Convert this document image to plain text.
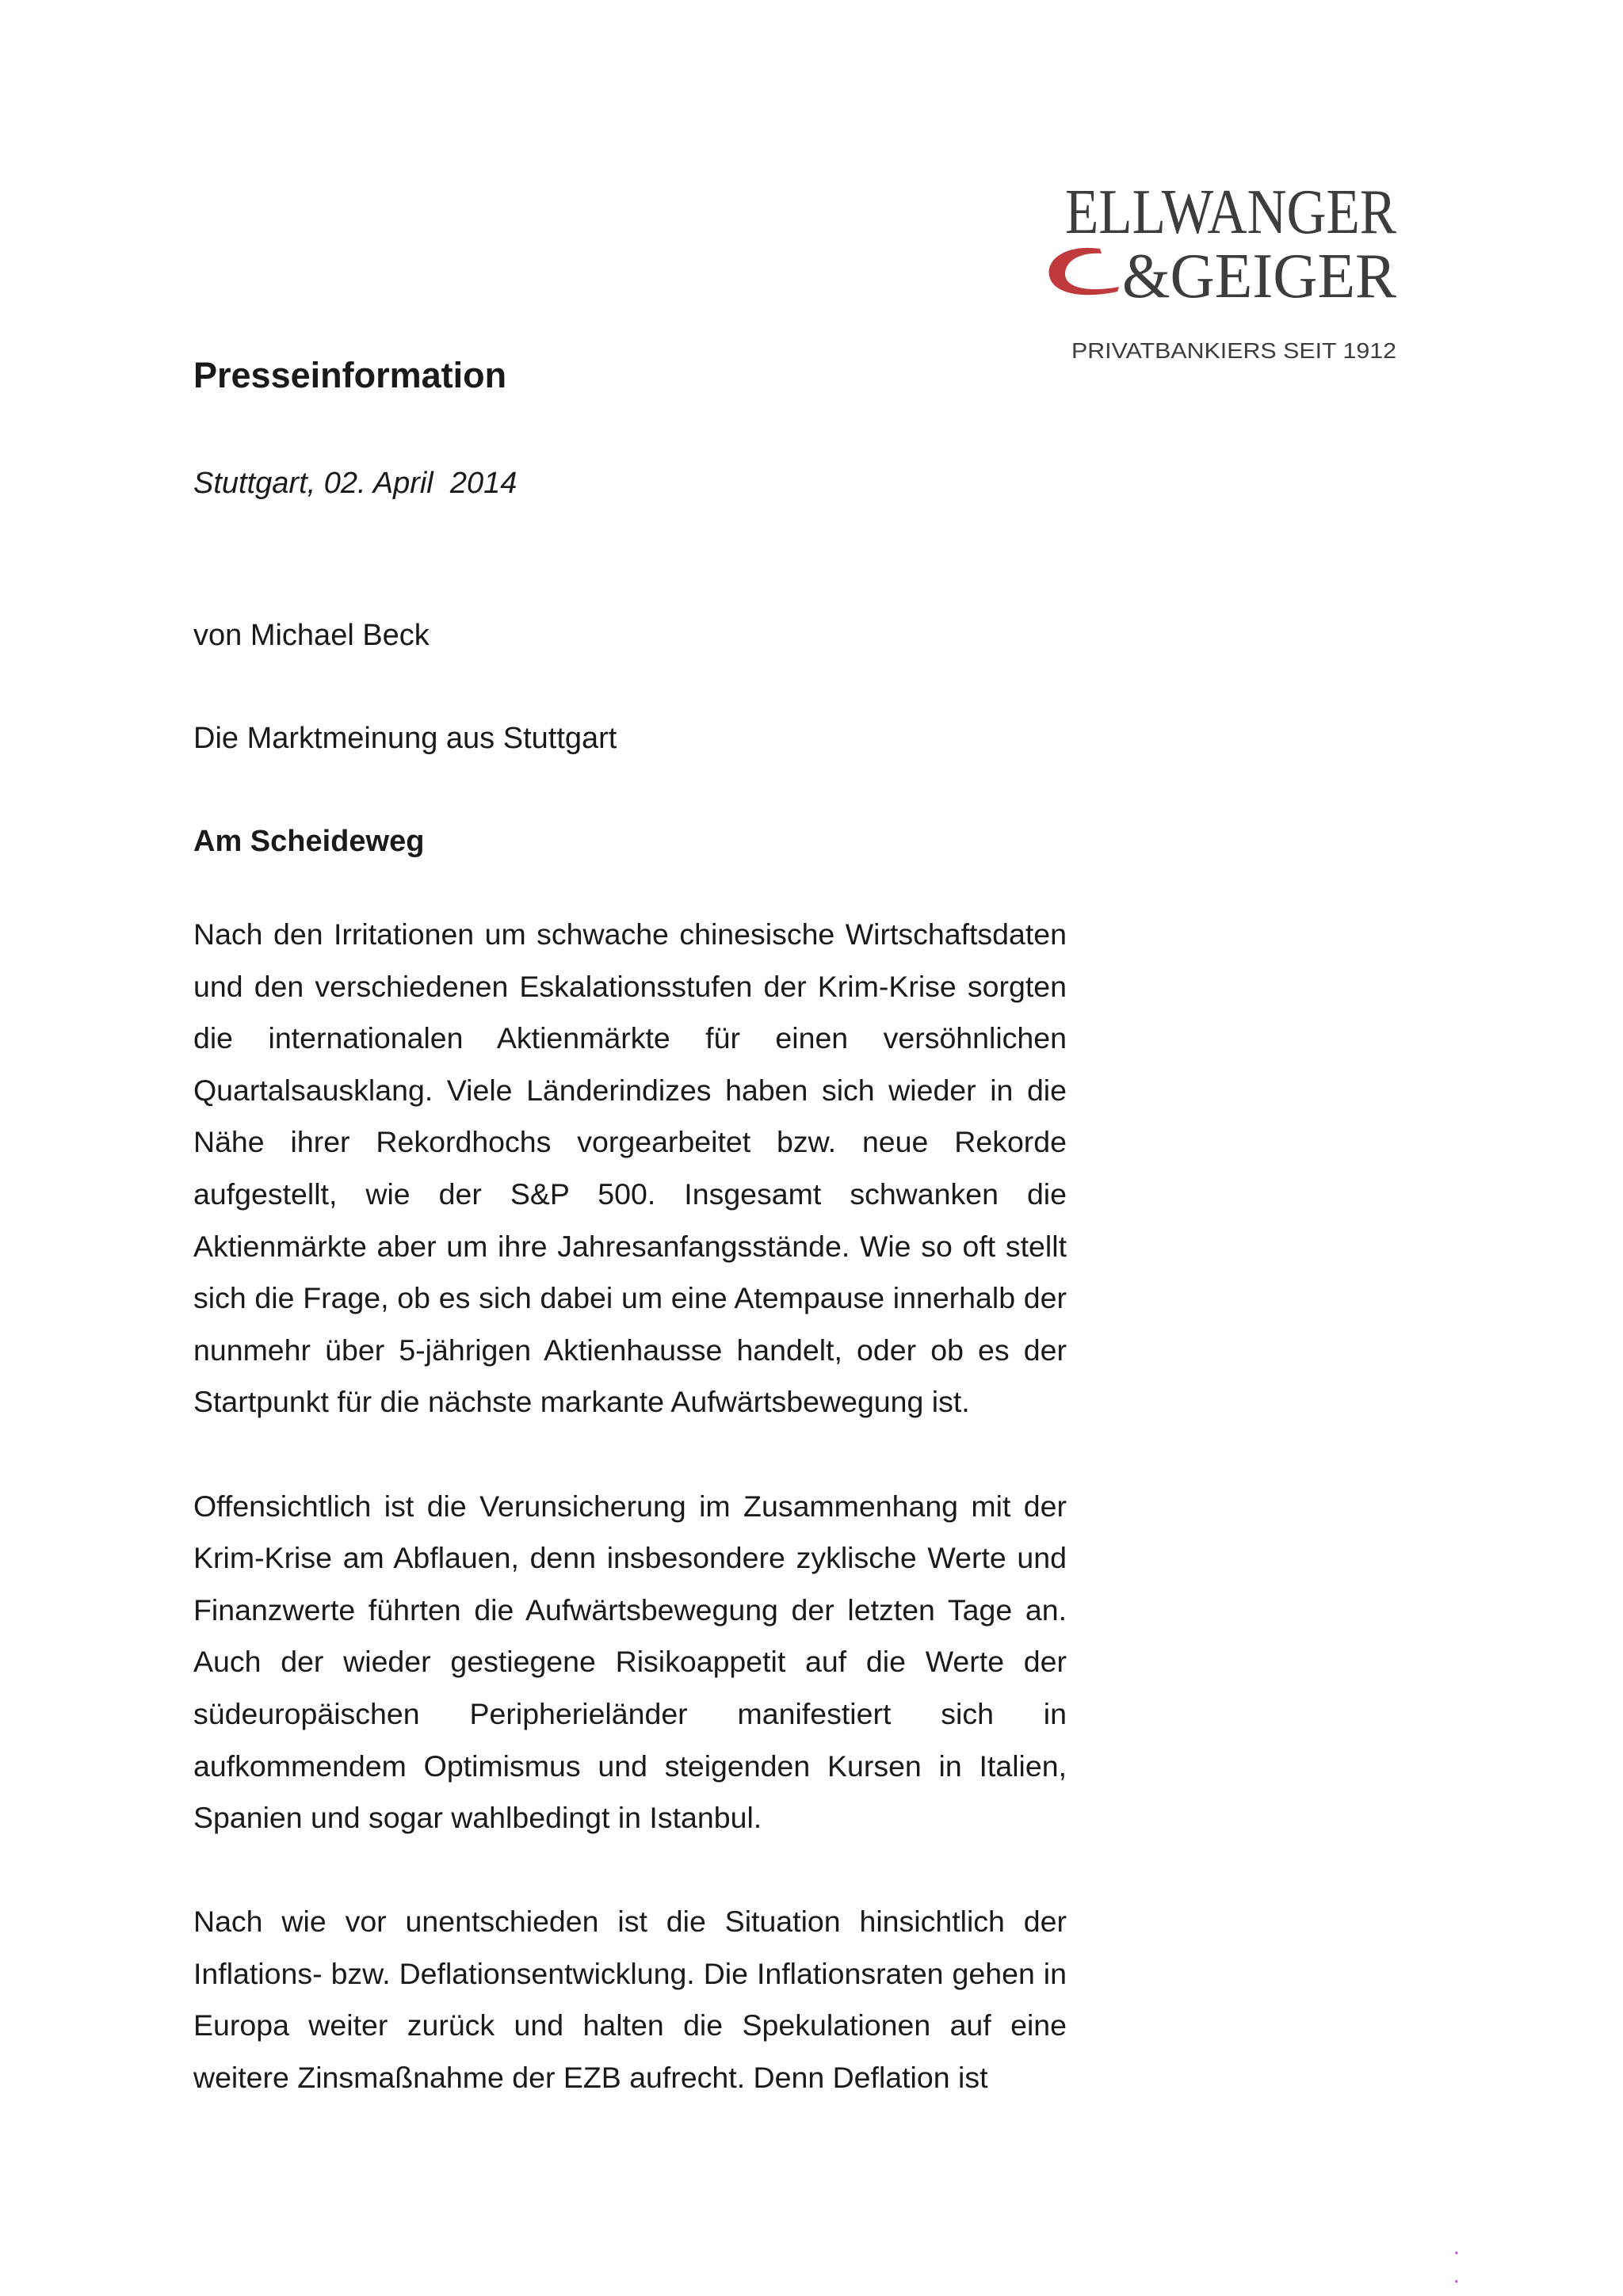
ELLWANGER
&GEIGER
PRIVATBANKIERS SEIT 1912
Presseinformation
Stuttgart, 02. April  2014
von Michael Beck
Die Marktmeinung aus Stuttgart
Am Scheideweg

Nach den Irritationen um schwache chinesische Wirtschaftsdaten und den verschiedenen Eskalationsstufen der Krim-Krise sorgten die internationalen Aktienmärkte für einen versöhnlichen Quartalsausklang. Viele Länderindizes haben sich wieder in die Nähe ihrer Rekordhochs vorgearbeitet bzw. neue Rekorde aufgestellt, wie der S&P 500. Insgesamt schwanken die Aktienmärkte aber um ihre Jahresanfangsstände. Wie so oft stellt sich die Frage, ob es sich dabei um eine Atempause innerhalb der nunmehr über 5-jährigen Aktienhausse handelt, oder ob es der Startpunkt für die nächste markante Aufwärtsbewegung ist.

Offensichtlich ist die Verunsicherung im Zusammenhang mit der Krim-Krise am Abflauen, denn insbesondere zyklische Werte und Finanzwerte führten die Aufwärtsbewegung der letzten Tage an. Auch der wieder gestiegene Risikoappetit auf die Werte der südeuropäischen Peripherieländer manifestiert sich in aufkommendem Optimismus und steigenden Kursen in Italien, Spanien und sogar wahlbedingt in Istanbul.

Nach wie vor unentschieden ist die Situation hinsichtlich der Inflations- bzw. Deflationsentwicklung. Die Inflationsraten gehen in Europa weiter zurück und halten die Spekulationen auf eine weitere Zinsmaßnahme der EZB aufrecht. Denn Deflation ist

.
.
